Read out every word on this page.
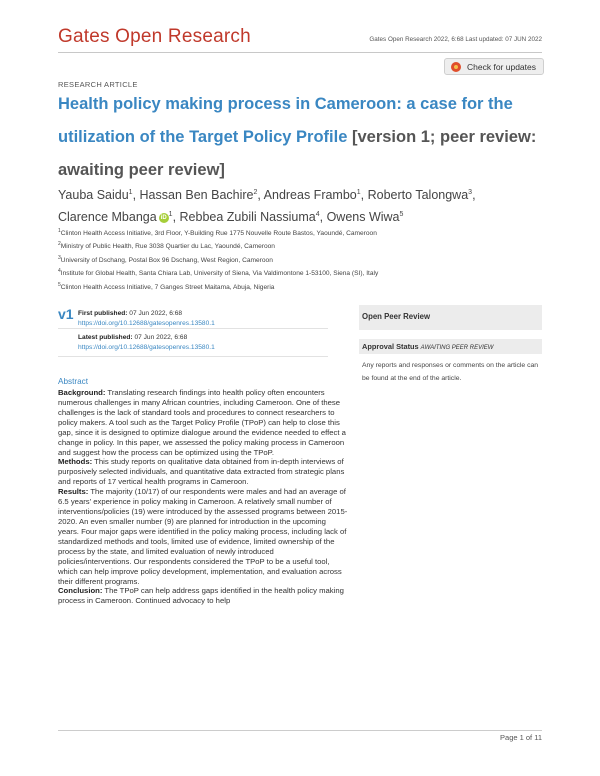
Gates Open Research	Gates Open Research 2022, 6:68 Last updated: 07 JUN 2022
Check for updates
RESEARCH ARTICLE
Health policy making process in Cameroon: a case for the utilization of the Target Policy Profile [version 1; peer review: awaiting peer review]
Yauba Saidu$^1$, Hassan Ben Bachire$^2$, Andreas Frambo$^1$, Roberto Talongwa$^3$,
Clarence Mbanga iD $^1$, Rebbea Zubili Nassiuma$^4$, Owens Wiwa$^5$
$^1$Clinton Health Access Initiative, 3rd Floor, Y-Building Rue 1775 Nouvelle Route Bastos, Yaoundé, Cameroon
$^2$Ministry of Public Health, Rue 3038 Quartier du Lac, Yaoundé, Cameroon
$^3$University of Dschang, Postal Box 96 Dschang, West Region, Cameroon
$^4$Institute for Global Health, Santa Chiara Lab, University of Siena, Via Valdimontone 1-53100, Siena (SI), Italy
$^5$Clinton Health Access Initiative, 7 Ganges Street Maitama, Abuja, Nigeria
v1 First published: 07 Jun 2022, 6:68
https://doi.org/10.12688/gatesopenres.13580.1
Latest published: 07 Jun 2022, 6:68
https://doi.org/10.12688/gatesopenres.13580.1
Abstract

Background: Translating research findings into health policy often encounters numerous challenges in many African countries, including Cameroon. One of these challenges is the lack of standard tools and procedures to connect researchers to policy makers. A tool such as the Target Policy Profile (TPoP) can help to close this gap, since it is designed to optimize dialogue around the evidence needed to effect a change in policy. In this paper, we assessed the policy making process in Cameroon and suggest how the process can be optimized using the TPoP.

Methods: This study reports on qualitative data obtained from in-depth interviews of purposively selected individuals, and quantitative data extracted from strategic plans and reports of 17 vertical health programs in Cameroon.

Results: The majority (10/17) of our respondents were males and had an average of 6.5 years' experience in policy making in Cameroon. A relatively small number of interventions/policies (19) were introduced by the assessed programs between 2015-2020. An even smaller number (9) are planned for introduction in the upcoming years. Four major gaps were identified in the policy making process, including lack of standardized methods and tools, limited use of evidence, limited ownership of the process by the state, and limited evaluation of newly introduced policies/interventions. Our respondents considered the TPoP to be a useful tool, which can help improve policy development, implementation, and evaluation across their different programs.

Conclusion: The TPoP can help address gaps identified in the health policy making process in Cameroon. Continued advocacy to help

Open Peer Review
Approval Status AWAITING PEER REVIEW
Any reports and responses or comments on the article can be found at the end of the article.
Page 1 of 11
